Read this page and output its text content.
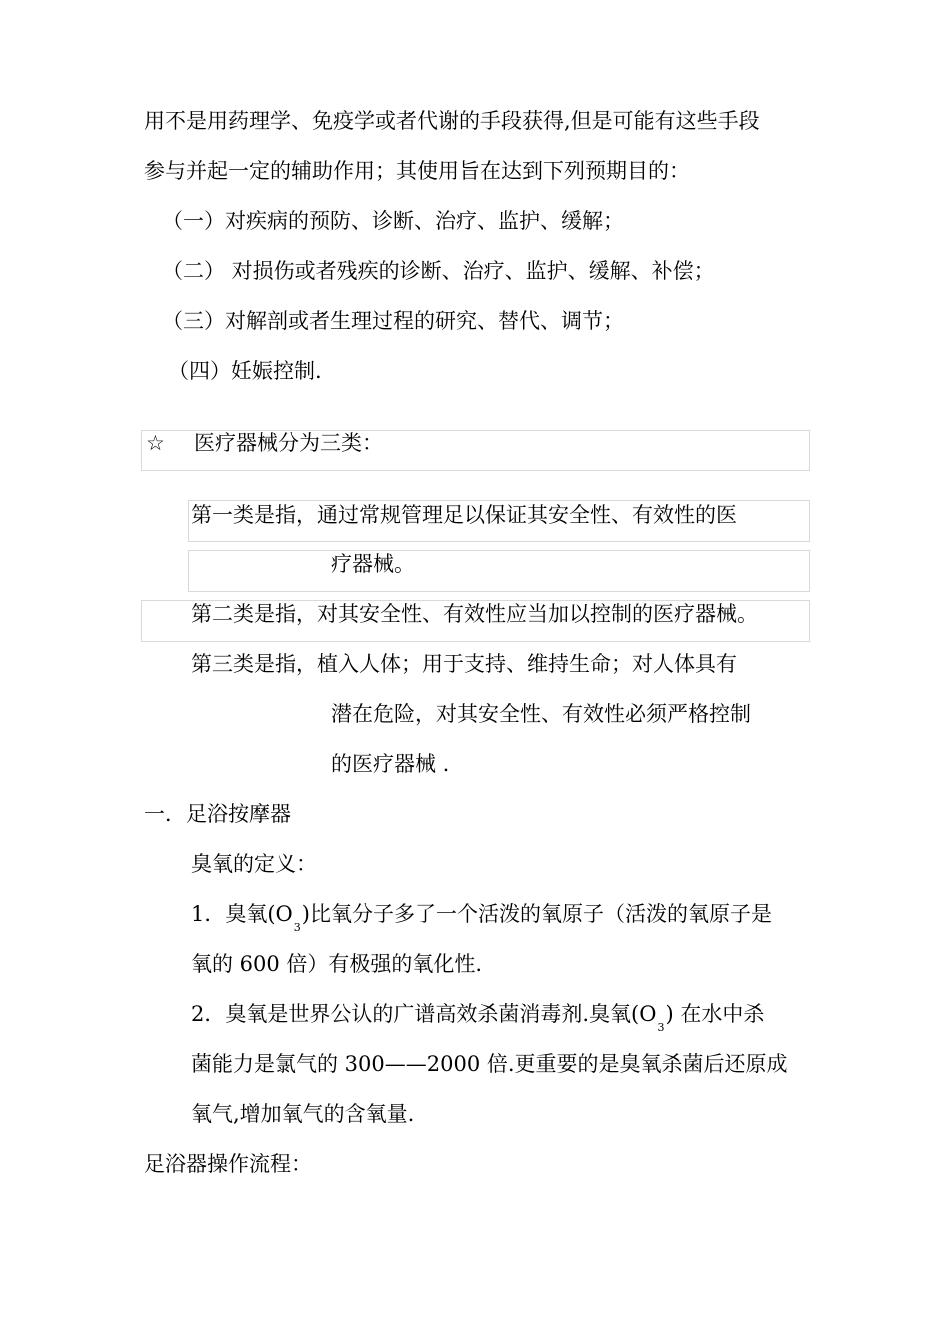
用不是用药理学、免疫学或者代谢的手段获得,但是可能有这些手段
参与并起一定的辅助作用；其使用旨在达到下列预期目的：
（一）对疾病的预防、诊断、治疗、监护、缓解；
（二） 对损伤或者残疾的诊断、治疗、监护、缓解、补偿；
（三）对解剖或者生理过程的研究、替代、调节；
（四）妊娠控制.
☆ 医疗器械分为三类：
第一类是指，通过常规管理足以保证其安全性、有效性的医
疗器械。
第二类是指，对其安全性、有效性应当加以控制的医疗器械。
第三类是指，植入人体；用于支持、维持生命；对人体具有
潜在危险，对其安全性、有效性必须严格控制
的医疗器械 .
一．足浴按摩器
臭氧的定义：
1．臭氧$(O_3)$比氧分子多了一个活泼的氧原子（活泼的氧原子是
氧的 600 倍）有极强的氧化性.
2．臭氧是世界公认的广谱高效杀菌消毒剂.臭氧$(O_3)$ 在水中杀
菌能力是氯气的 300——2000 倍.更重要的是臭氧杀菌后还原成
氧气,增加氧气的含氧量.
足浴器操作流程：
